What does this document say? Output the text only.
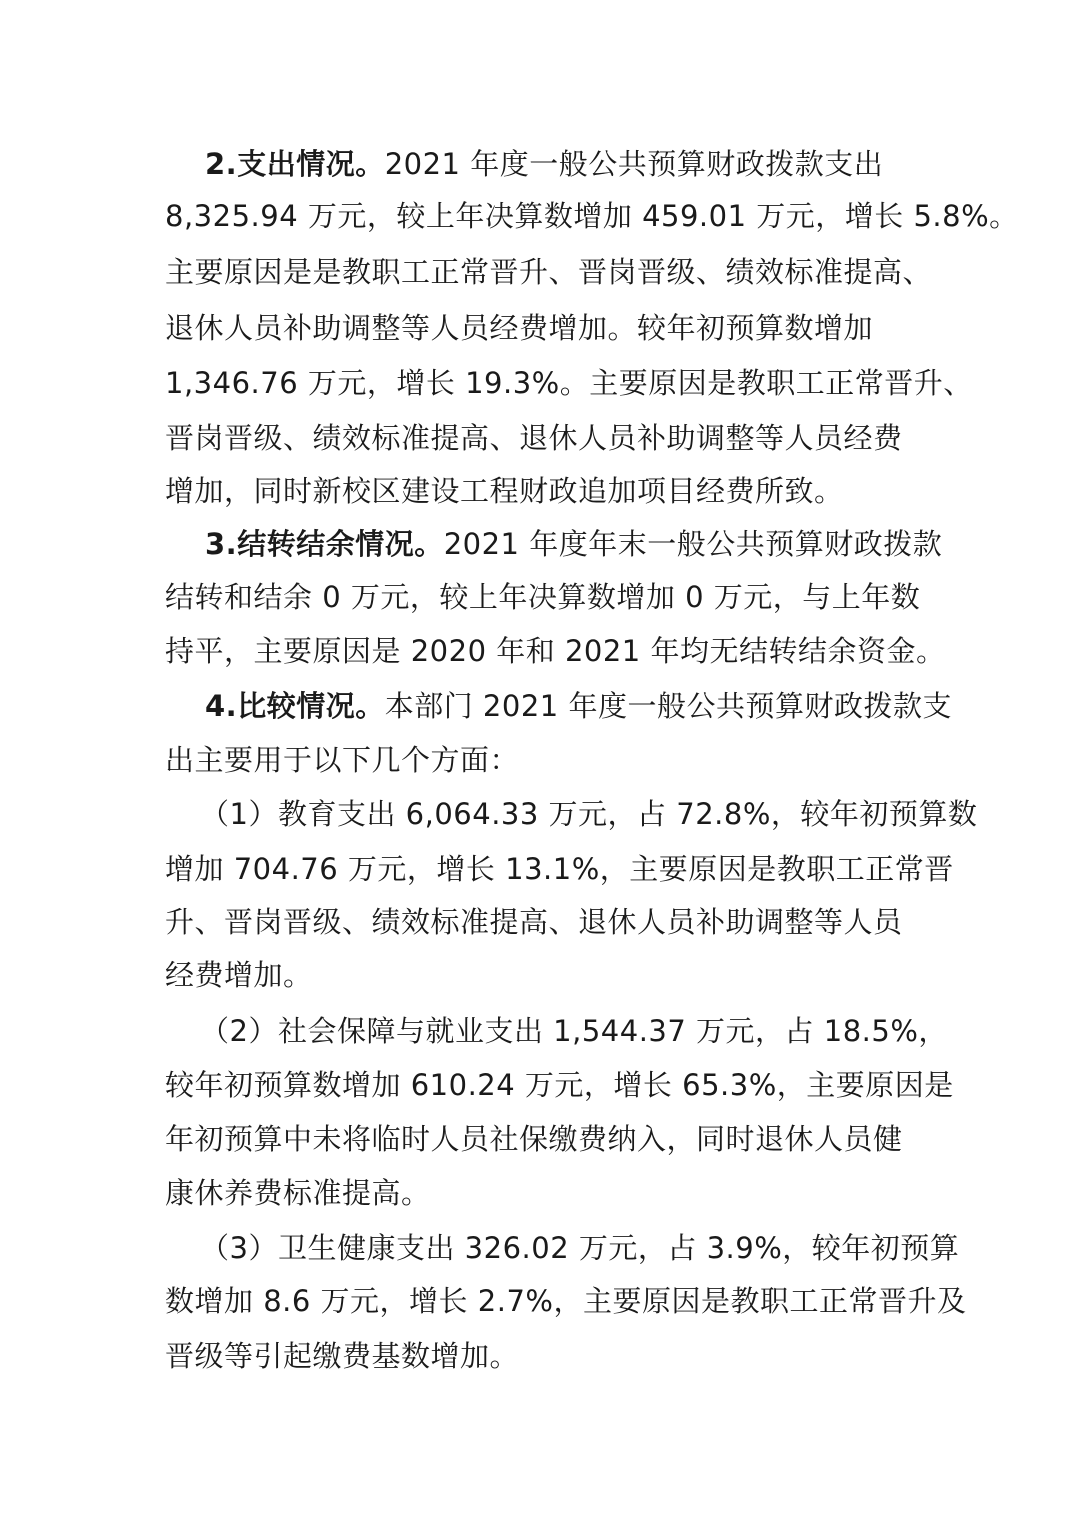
2.支出情况。2021 年度一般公共预算财政拨款支出
8,325.94 万元，较上年决算数增加 459.01 万元，增长 5.8%。
主要原因是是教职工正常晋升、晋岗晋级、绩效标准提高、
退休人员补助调整等人员经费增加。较年初预算数增加
1,346.76 万元，增长 19.3%。主要原因是教职工正常晋升、
晋岗晋级、绩效标准提高、退休人员补助调整等人员经费
增加，同时新校区建设工程财政追加项目经费所致。
3.结转结余情况。2021 年度年末一般公共预算财政拨款
结转和结余 0 万元，较上年决算数增加 0 万元，与上年数
持平，主要原因是 2020 年和 2021 年均无结转结余资金。
4.比较情况。本部门 2021 年度一般公共预算财政拨款支
出主要用于以下几个方面：
（1）教育支出 6,064.33 万元，占 72.8%，较年初预算数
增加 704.76 万元，增长 13.1%，主要原因是教职工正常晋
升、晋岗晋级、绩效标准提高、退休人员补助调整等人员
经费增加。
（2）社会保障与就业支出 1,544.37 万元，占 18.5%，
较年初预算数增加 610.24 万元，增长 65.3%，主要原因是
年初预算中未将临时人员社保缴费纳入，同时退休人员健
康休养费标准提高。
（3）卫生健康支出 326.02 万元，占 3.9%，较年初预算
数增加 8.6 万元，增长 2.7%，主要原因是教职工正常晋升及
晋级等引起缴费基数增加。
